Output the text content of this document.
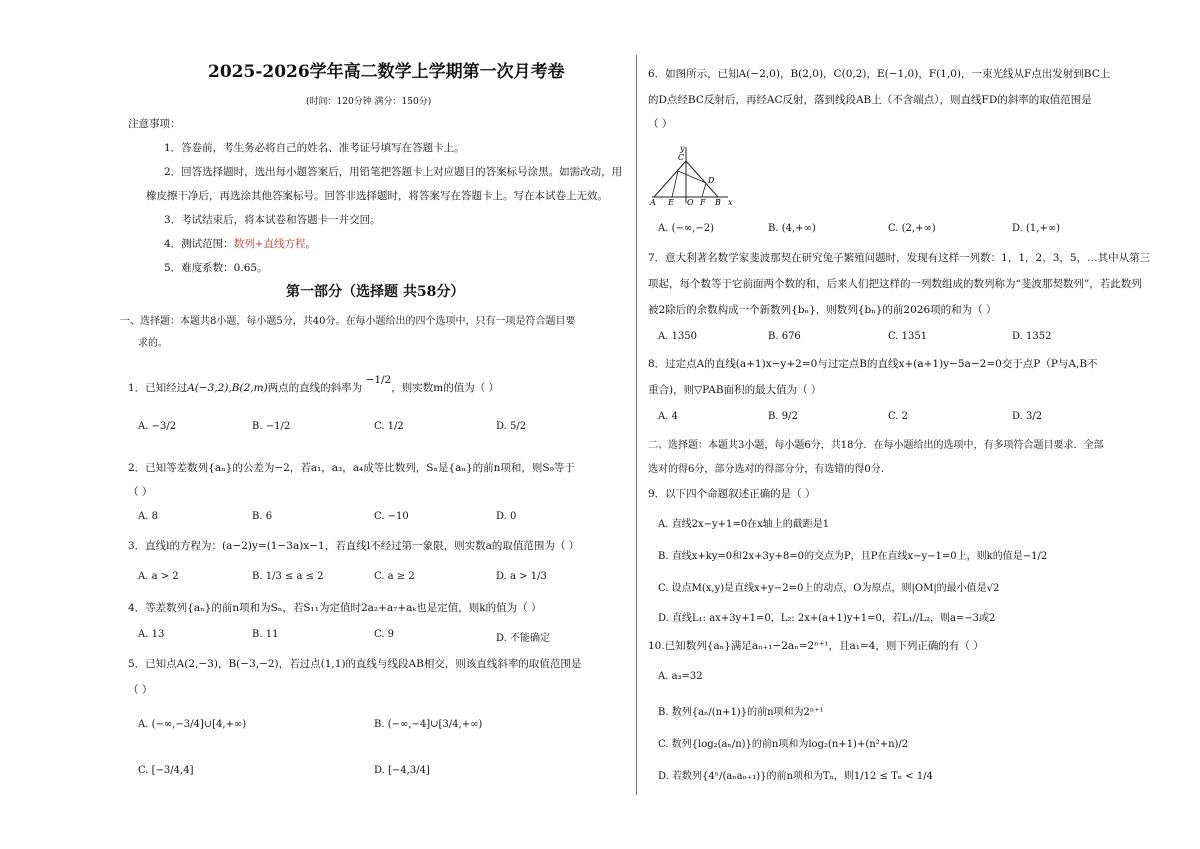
2025-2026学年高二数学上学期第一次月考卷
(时间：120分钟 满分：150分)
注意事项：
1．答卷前，考生务必将自己的姓名、准考证号填写在答题卡上。
2．回答选择题时，选出每小题答案后，用铅笔把答题卡上对应题目的答案标号涂黑。如需改动，用
橡皮擦干净后，再选涂其他答案标号。回答非选择题时，将答案写在答题卡上。写在本试卷上无效。
3．考试结束后，将本试卷和答题卡一并交回。
4．测试范围：数列+直线方程。
5．难度系数：0.65。
第一部分（选择题 共58分）
一、选择题：本题共8小题，每小题5分，共40分。在每小题给出的四个选项中，只有一项是符合题目要
求的。
1．已知经过A(−3,2),B(2,m)两点的直线的斜率为 −1/2，则实数m的值为（ ）
A. −3/2	B. −1/2	C. 1/2	D. 5/2
2．已知等差数列{aₙ}的公差为−2，若a₁，a₃，a₄成等比数列，Sₙ是{aₙ}的前n项和，则S₉等于
（ ）
A. 8	B. 6	C. −10	D. 0
3．直线l的方程为：(a−2)y=(1−3a)x−1，若直线l不经过第一象限，则实数a的取值范围为（ ）
A. a > 2	B. 1/3 ≤ a ≤ 2	C. a ≥ 2	D. a > 1/3
4．等差数列{aₙ}的前n项和为Sₙ，若S₁₁为定值时2a₂+a₇+aₖ也是定值，则k的值为（ ）
A. 13	B. 11	C. 9	D. 不能确定
5．已知点A(2,−3)，B(−3,−2)，若过点(1,1)的直线与线段AB相交，则该直线斜率的取值范围是
（ ）
A. (−∞,−3/4]∪[4,+∞)	B. (−∞,−4]∪[3/4,+∞)
C. [−3/4,4]	D. [−4,3/4]
6．如图所示，已知A(−2,0)，B(2,0)，C(0,2)，E(−1,0)，F(1,0)，一束光线从F点出发射到BC上
的D点经BC反射后，再经AC反射，落到线段AB上（不含端点），则直线FD的斜率的取值范围是
（ ）
y
C
D
A E O F B x
A. (−∞,−2)	B. (4,+∞)	C. (2,+∞)	D. (1,+∞)
7．意大利著名数学家斐波那契在研究兔子繁殖问题时，发现有这样一列数：1，1，2，3，5，…其中从第三
项起，每个数等于它前面两个数的和，后来人们把这样的一列数组成的数列称为“斐波那契数列”，若此数列
被2除后的余数构成一个新数列{bₙ}，则数列{bₙ}的前2026项的和为（ ）
A. 1350	B. 676	C. 1351	D. 1352
8．过定点A的直线(a+1)x−y+2=0与过定点B的直线x+(a+1)y−5a−2=0交于点P（P与A,B不
重合)，则▽PAB面积的最大值为（ ）
A. 4	B. 9/2	C. 2	D. 3/2
二、选择题：本题共3小题，每小题6分，共18分．在每小题给出的选项中，有多项符合题目要求．全部
选对的得6分，部分选对的得部分分，有选错的得0分．
9．以下四个命题叙述正确的是（ ）
A. 直线2x−y+1=0在x轴上的截距是1
B. 直线x+ky=0和2x+3y+8=0的交点为P，且P在直线x−y−1=0上，则k的值是−1/2
C. 设点M(x,y)是直线x+y−2=0上的动点，O为原点，则|OM|的最小值是√2
D. 直线L₁: ax+3y+1=0，L₂: 2x+(a+1)y+1=0，若L₁//L₂，则a=−3或2
10.已知数列{aₙ}满足aₙ₊₁−2aₙ=2ⁿ⁺¹，且a₁=4，则下列正确的有（ ）
A. a₃=32
B. 数列{aₙ/(n+1)}的前n项和为2ⁿ⁺¹
C. 数列{log₂(aₙ/n)}的前n项和为log₂(n+1)+(n²+n)/2
D. 若数列{4ⁿ/(aₙaₙ₊₁)}的前n项和为Tₙ，则1/12 ≤ Tₙ < 1/4
